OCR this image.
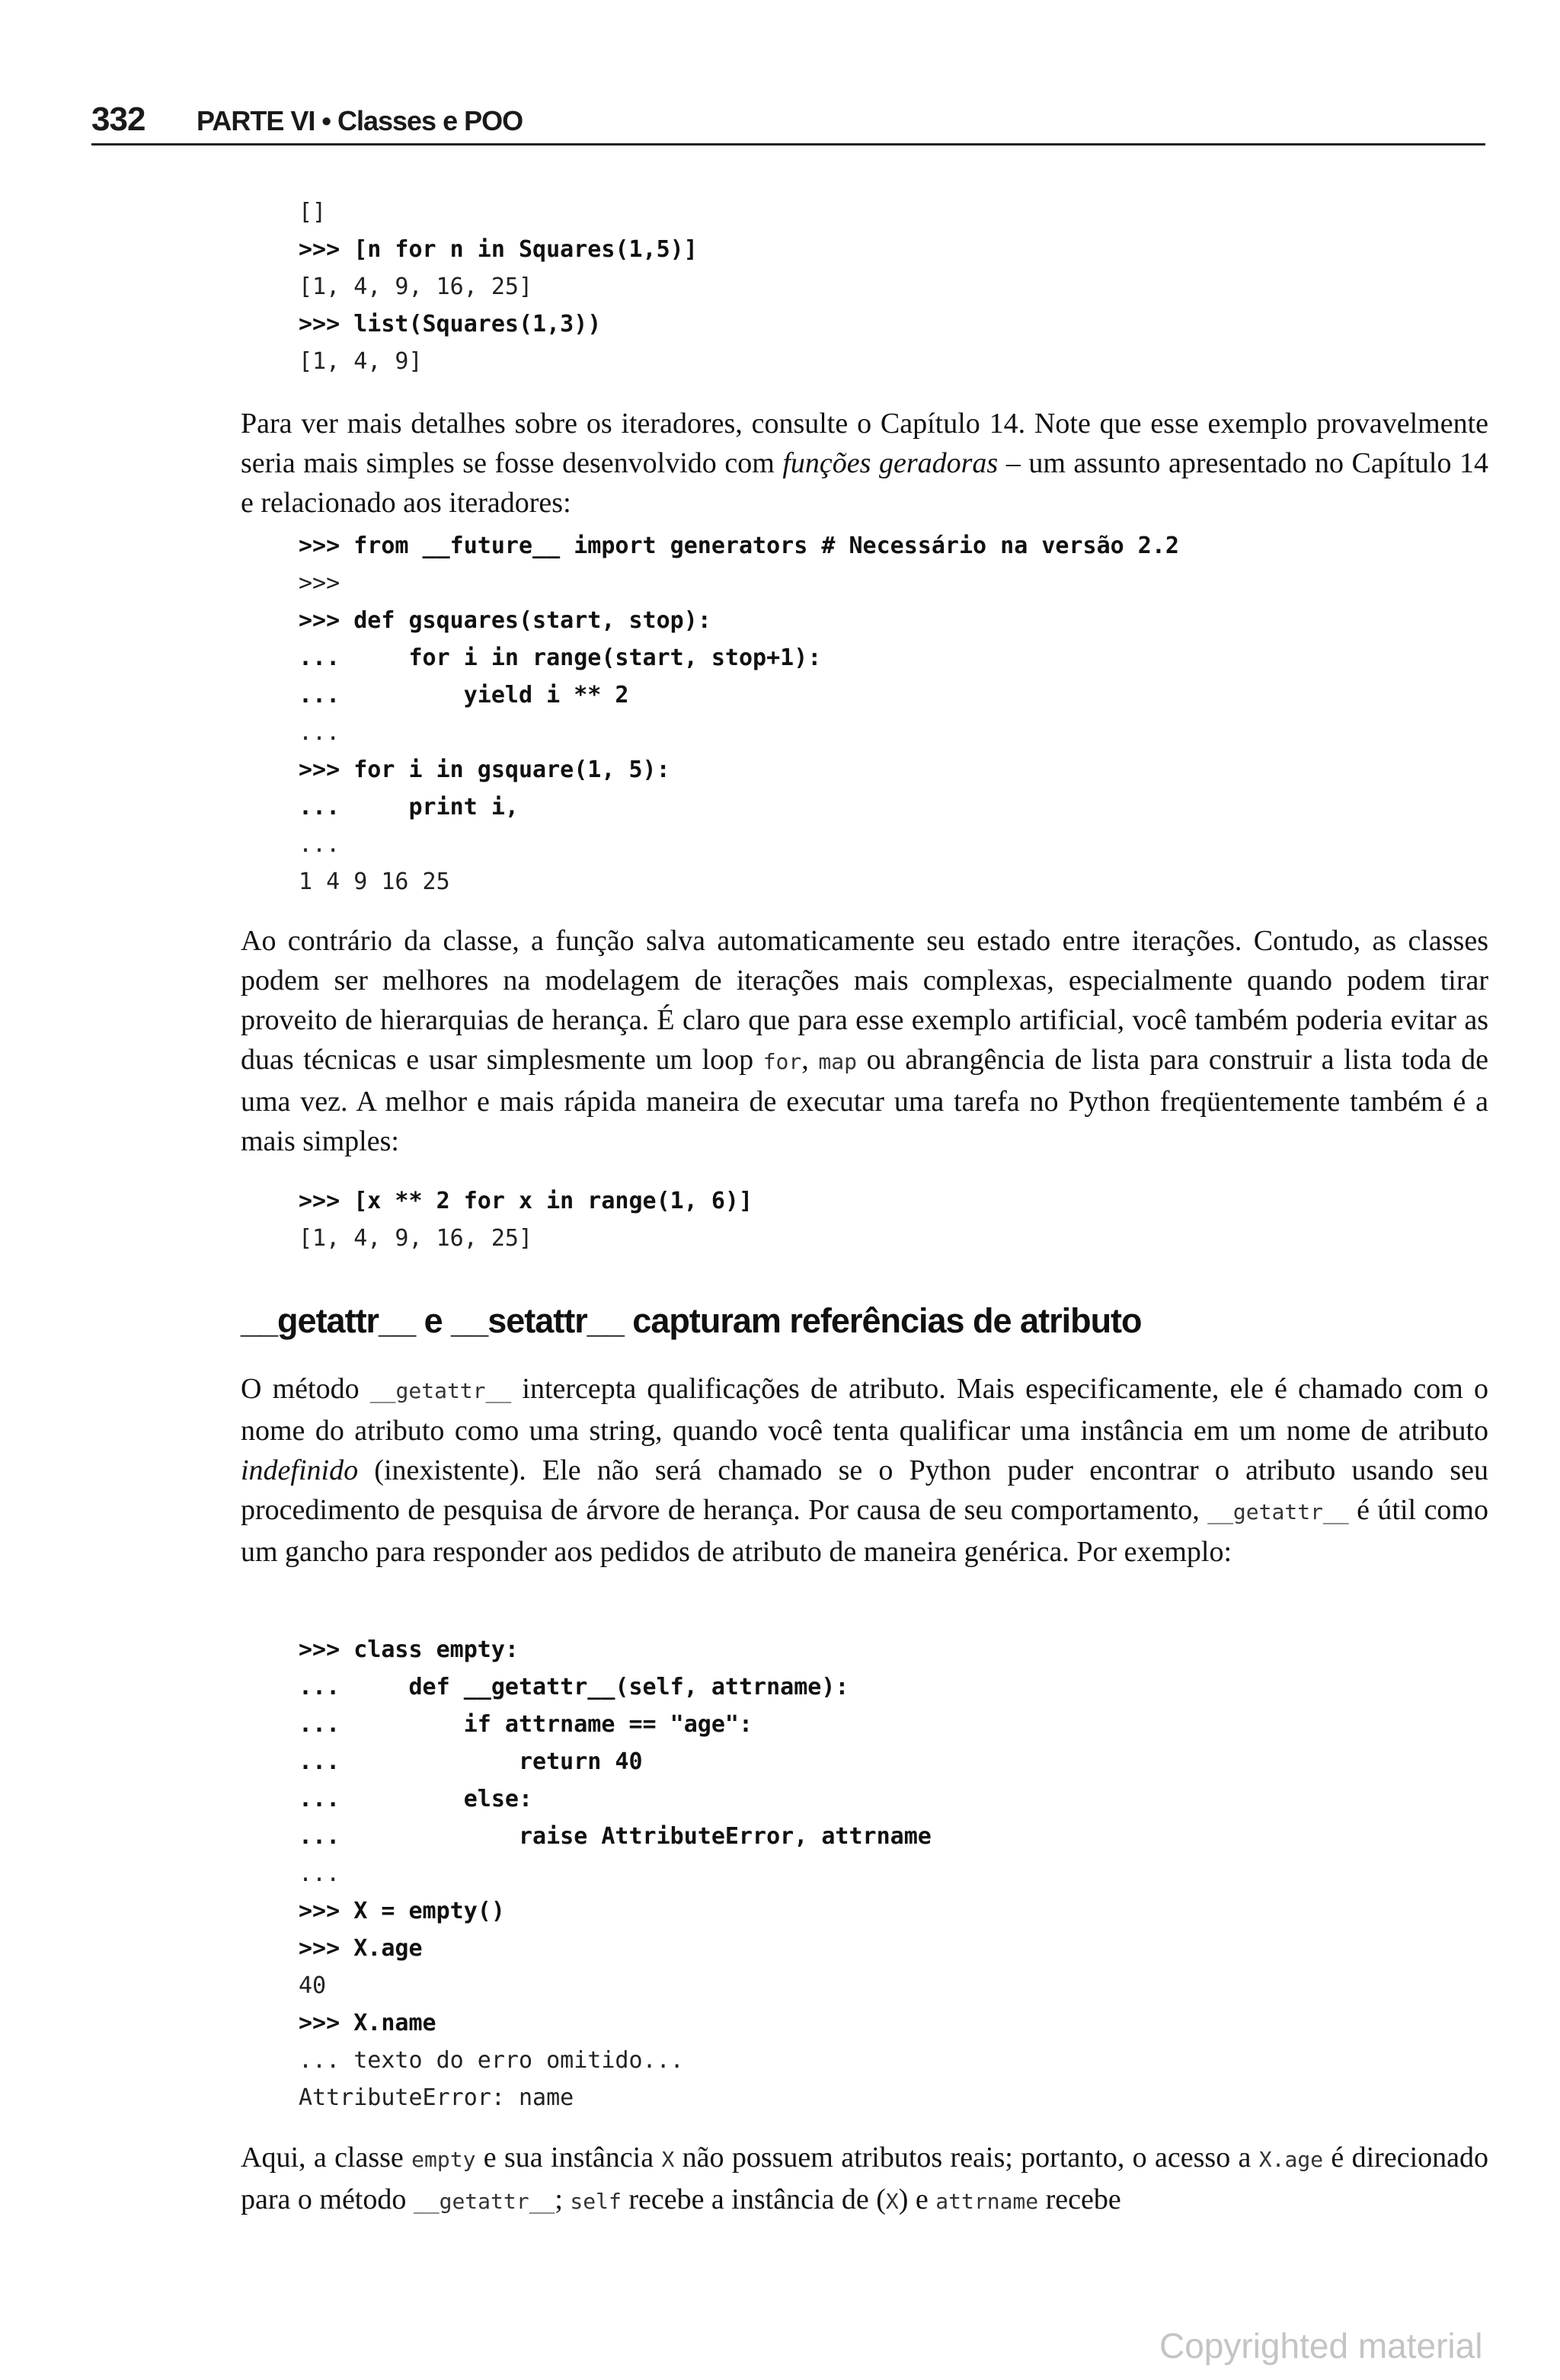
332 PARTE VI • Classes e POO
[]
>>> [n for n in Squares(1,5)]
[1, 4, 9, 16, 25]
>>> list(Squares(1,3))
[1, 4, 9]

Para ver mais detalhes sobre os iteradores, consulte o Capítulo 14. Note que esse exemplo provavelmente seria mais simples se fosse desenvolvido com funções geradoras – um assunto apresentado no Capítulo 14 e relacionado aos iteradores:

>>> from __future__ import generators # Necessário na versão 2.2
>>>
>>> def gsquares(start, stop):
...     for i in range(start, stop+1):
...         yield i ** 2
...
>>> for i in gsquare(1, 5):
...     print i,
...
1 4 9 16 25

Ao contrário da classe, a função salva automaticamente seu estado entre iterações. Contudo, as classes podem ser melhores na modelagem de iterações mais complexas, especialmente quando podem tirar proveito de hierarquias de herança. É claro que para esse exemplo artificial, você também poderia evitar as duas técnicas e usar simplesmente um loop for, map ou abrangência de lista para construir a lista toda de uma vez. A melhor e mais rápida maneira de executar uma tarefa no Python freqüentemente também é a mais simples:

>>> [x ** 2 for x in range(1, 6)]
[1, 4, 9, 16, 25]
__getattr__ e __setattr__ capturam referências de atributo

O método __getattr__ intercepta qualificações de atributo. Mais especificamente, ele é chamado com o nome do atributo como uma string, quando você tenta qualificar uma instância em um nome de atributo indefinido (inexistente). Ele não será chamado se o Python puder encontrar o atributo usando seu procedimento de pesquisa de árvore de herança. Por causa de seu comportamento, __getattr__ é útil como um gancho para responder aos pedidos de atributo de maneira genérica. Por exemplo:

>>> class empty:
...     def __getattr__(self, attrname):
...         if attrname == "age":
...             return 40
...         else:
...             raise AttributeError, attrname
...
>>> X = empty()
>>> X.age
40
>>> X.name
... texto do erro omitido...
AttributeError: name

Aqui, a classe empty e sua instância X não possuem atributos reais; portanto, o acesso a X.age é direcionado para o método __getattr__; self recebe a instância de (X) e attrname recebe

Copyrighted material
